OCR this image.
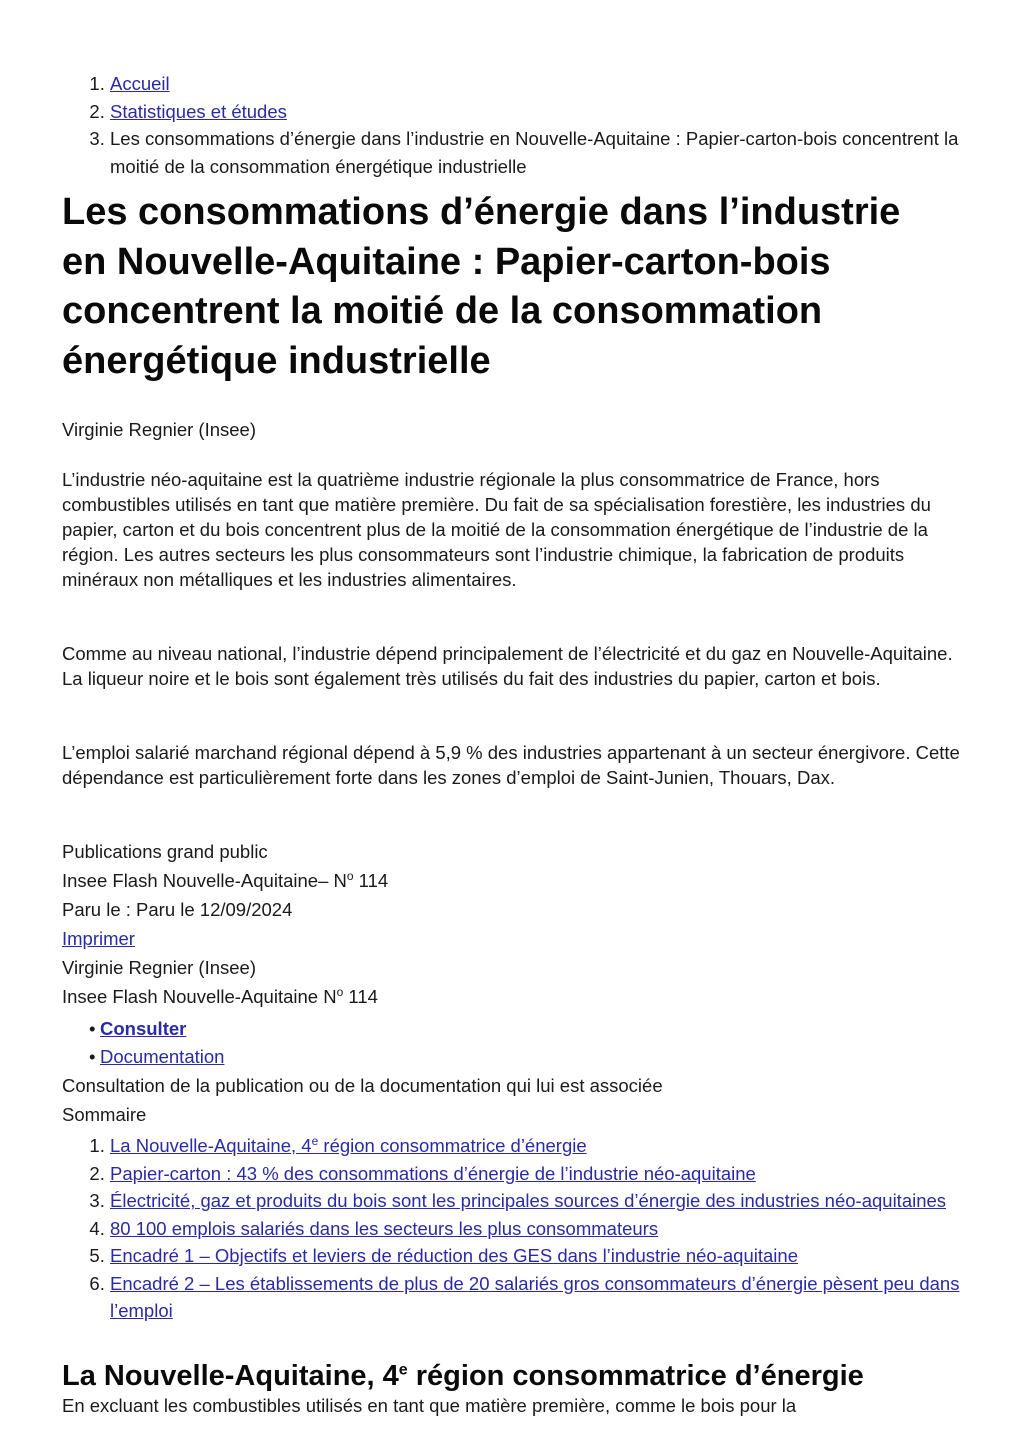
1. Accueil
2. Statistiques et études
3. Les consommations d’énergie dans l’industrie en Nouvelle-Aquitaine : Papier-carton-bois concentrent la moitié de la consommation énergétique industrielle
Les consommations d’énergie dans l’industrie en Nouvelle-Aquitaine : Papier-carton-bois concentrent la moitié de la consommation énergétique industrielle

Virginie Regnier (Insee)

L’industrie néo-aquitaine est la quatrième industrie régionale la plus consommatrice de France, hors combustibles utilisés en tant que matière première. Du fait de sa spécialisation forestière, les industries du papier, carton et du bois concentrent plus de la moitié de la consommation énergétique de l’industrie de la région. Les autres secteurs les plus consommateurs sont l’industrie chimique, la fabrication de produits minéraux non métalliques et les industries alimentaires.

Comme au niveau national, l’industrie dépend principalement de l’électricité et du gaz en Nouvelle-Aquitaine. La liqueur noire et le bois sont également très utilisés du fait des industries du papier, carton et bois.

L’emploi salarié marchand régional dépend à 5,9 % des industries appartenant à un secteur énergivore. Cette dépendance est particulièrement forte dans les zones d’emploi de Saint-Junien, Thouars, Dax.

Publications grand public

Insee Flash Nouvelle-Aquitaine– $N^o$ 114

Paru le : Paru le 12/09/2024

Imprimer

Virginie Regnier (Insee)

Insee Flash Nouvelle-Aquitaine $N^o$ 114

• Consulter
• Documentation

Consultation de la publication ou de la documentation qui lui est associée

Sommaire

1. La Nouvelle-Aquitaine, 4e région consommatrice d’énergie
2. Papier-carton : 43 % des consommations d’énergie de l’industrie néo-aquitaine
3. Électricité, gaz et produits du bois sont les principales sources d’énergie des industries néo-aquitaines
4. 80 100 emplois salariés dans les secteurs les plus consommateurs
5. Encadré 1 – Objectifs et leviers de réduction des GES dans l’industrie néo-aquitaine
6. Encadré 2 – Les établissements de plus de 20 salariés gros consommateurs d’énergie pèsent peu dans l’emploi
La Nouvelle-Aquitaine, 4e région consommatrice d’énergie

En excluant les combustibles utilisés en tant que matière première, comme le bois pour la
